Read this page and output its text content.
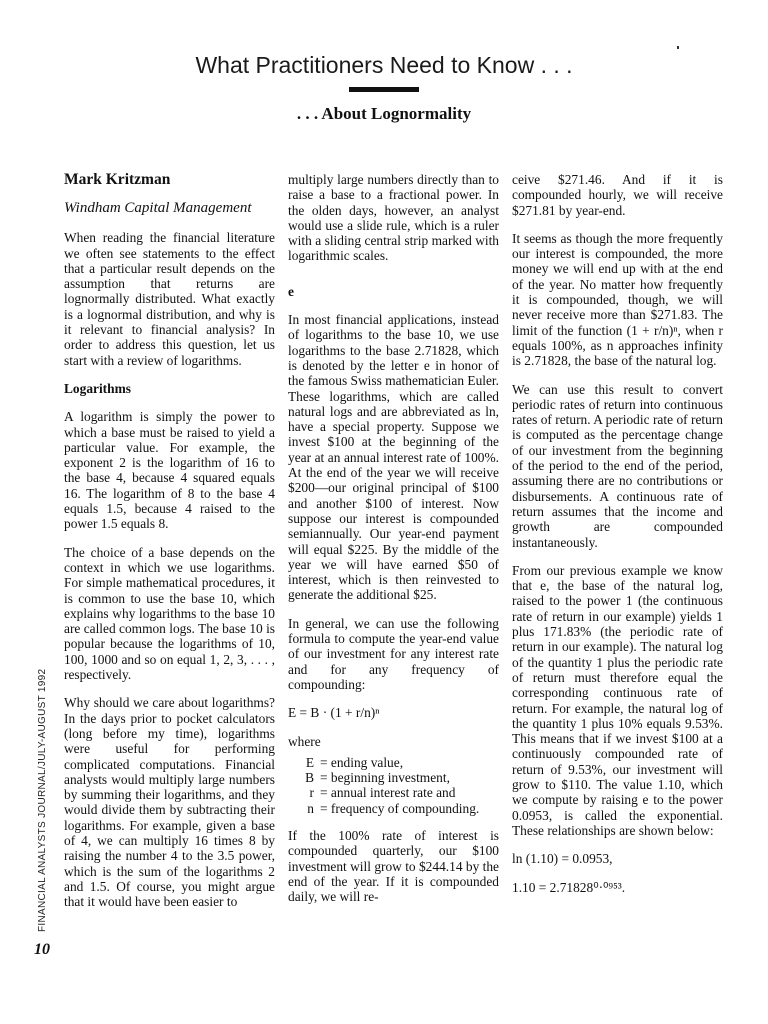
What Practitioners Need to Know . . .
. . . About Lognormality

Mark Kritzman

Windham Capital Management

When reading the financial literature we often see statements to the effect that a particular result depends on the assumption that returns are lognormally distributed. What exactly is a lognormal distribution, and why is it relevant to financial analysis? In order to address this question, let us start with a review of logarithms.

Logarithms

A logarithm is simply the power to which a base must be raised to yield a particular value. For example, the exponent 2 is the logarithm of 16 to the base 4, because 4 squared equals 16. The logarithm of 8 to the base 4 equals 1.5, because 4 raised to the power 1.5 equals 8.

The choice of a base depends on the context in which we use logarithms. For simple mathematical procedures, it is common to use the base 10, which explains why logarithms to the base 10 are called common logs. The base 10 is popular because the logarithms of 10, 100, 1000 and so on equal 1, 2, 3, . . . , respectively.

Why should we care about logarithms? In the days prior to pocket calculators (long before my time), logarithms were useful for performing complicated computations. Financial analysts would multiply large numbers by summing their logarithms, and they would divide them by subtracting their logarithms. For example, given a base of 4, we can multiply 16 times 8 by raising the number 4 to the 3.5 power, which is the sum of the logarithms 2 and 1.5. Of course, you might argue that it would have been easier to

multiply large numbers directly than to raise a base to a fractional power. In the olden days, however, an analyst would use a slide rule, which is a ruler with a sliding central strip marked with logarithmic scales.

e

In most financial applications, instead of logarithms to the base 10, we use logarithms to the base 2.71828, which is denoted by the letter e in honor of the famous Swiss mathematician Euler. These logarithms, which are called natural logs and are abbreviated as ln, have a special property. Suppose we invest $100 at the beginning of the year at an annual interest rate of 100%. At the end of the year we will receive $200—our original principal of $100 and another $100 of interest. Now suppose our interest is compounded semiannually. Our year-end payment will equal $225. By the middle of the year we will have earned $50 of interest, which is then reinvested to generate the additional $25.

In general, we can use the following formula to compute the year-end value of our investment for any interest rate and for any frequency of compounding:

E = B · (1 + r/n)ⁿ

where

E = ending value,
B = beginning investment,
r = annual interest rate and
n = frequency of compounding.

If the 100% rate of interest is compounded quarterly, our $100 investment will grow to $244.14 by the end of the year. If it is compounded daily, we will re-

ceive $271.46. And if it is compounded hourly, we will receive $271.81 by year-end.

It seems as though the more frequently our interest is compounded, the more money we will end up with at the end of the year. No matter how frequently it is compounded, though, we will never receive more than $271.83. The limit of the function (1 + r/n)ⁿ, when r equals 100%, as n approaches infinity is 2.71828, the base of the natural log.

We can use this result to convert periodic rates of return into continuous rates of return. A periodic rate of return is computed as the percentage change of our investment from the beginning of the period to the end of the period, assuming there are no contributions or disbursements. A continuous rate of return assumes that the income and growth are compounded instantaneously.

From our previous example we know that e, the base of the natural log, raised to the power 1 (the continuous rate of return in our example) yields 1 plus 171.83% (the periodic rate of return in our example). The natural log of the quantity 1 plus the periodic rate of return must therefore equal the corresponding continuous rate of return. For example, the natural log of the quantity 1 plus 10% equals 9.53%. This means that if we invest $100 at a continuously compounded rate of return of 9.53%, our investment will grow to $110. The value 1.10, which we compute by raising e to the power 0.0953, is called the exponential. These relationships are shown below:

ln (1.10) = 0.0953,

1.10 = 2.71828⁰·⁰⁹⁵³.

FINANCIAL ANALYSTS JOURNAL/JULY-AUGUST 1992
10
